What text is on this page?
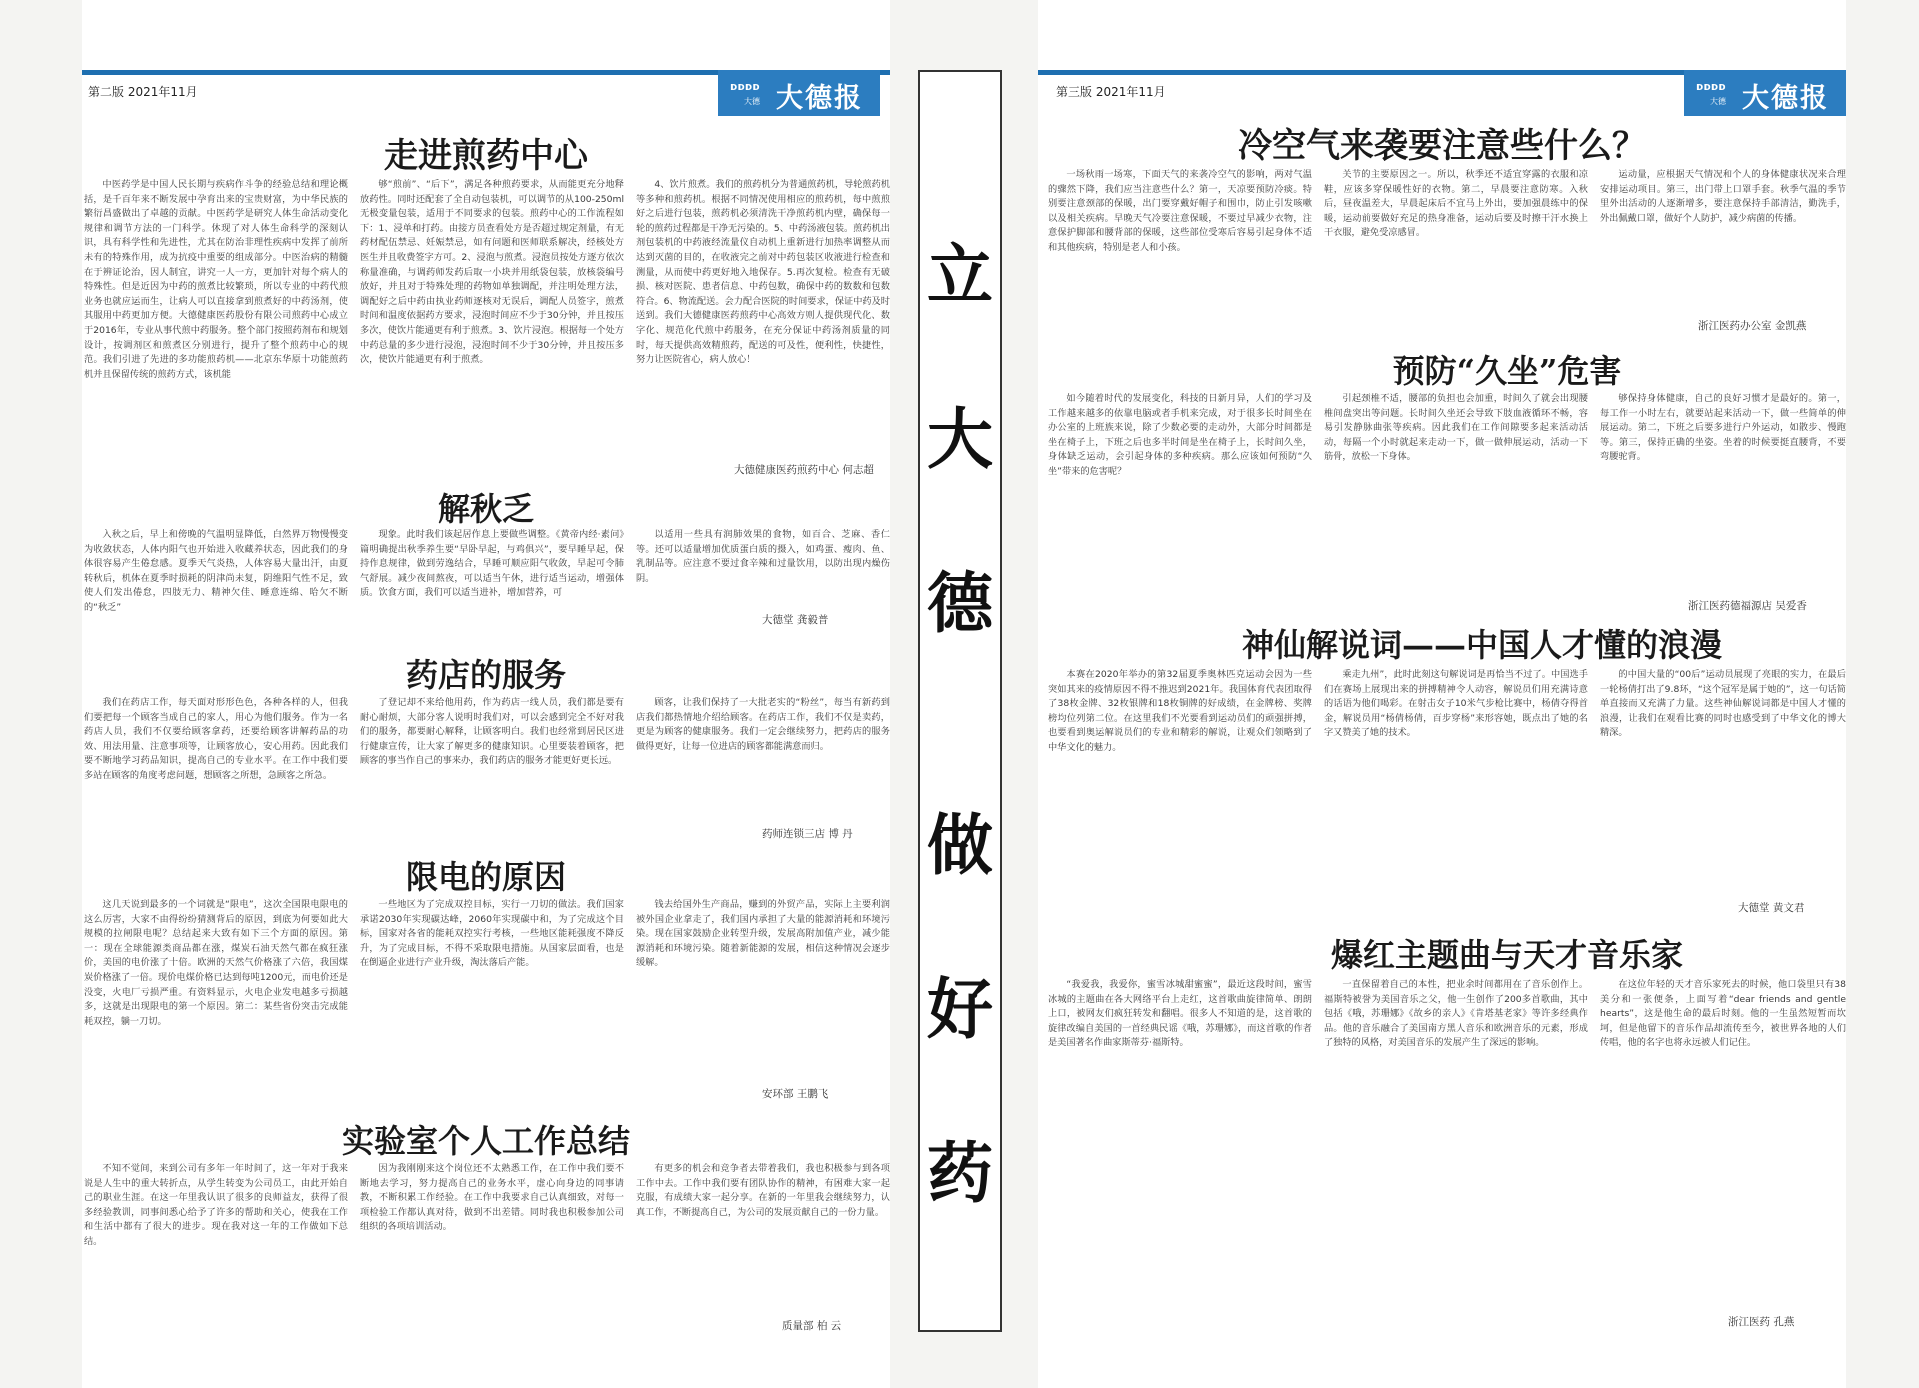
第二版 2021年11月	ᴅᴅᴅᴅ
大德 大德报
走进煎药中心

中医药学是中国人民长期与疾病作斗争的经验总结和理论概括，是千百年来不断发展中孕育出来的宝贵财富，为中华民族的繁衍昌盛做出了卓越的贡献。中医药学是研究人体生命活动变化规律和调节方法的一门科学。休现了对人体生命科学的深刻认识，具有科学性和先进性，尤其在防治非理性疾病中发挥了前所未有的特殊作用，成为抗疫中重要的组成部分。中医治病的精髓在于辨证论治，因人制宜，讲究一人一方，更加针对每个病人的特殊性。但是近因为中药的煎煮比较繁琐，所以专业的中药代煎业务也就应运而生，让病人可以直接拿到煎煮好的中药汤剂，使其服用中药更加方便。大德健康医药股份有限公司煎药中心成立于2016年，专业从事代煎中药服务。整个部门按照药剂布和规划设计，按调剂区和煎煮区分别进行，提升了整个煎药中心的规范。我们引进了先进的多功能煎药机——北京东华原十功能煎药机并且保留传统的煎药方式，该机能

够“煎前”、“后下”，满足各种煎药要求，从而能更充分地释放药性。同时还配套了全自动包装机，可以调节的从100-250ml无极变量包装，适用于不同要求的包装。煎药中心的工作流程如下：1、浸单和打药。由接方员查看处方是否超过规定剂量，有无药材配伍禁忌、妊娠禁忌，如有问题和医师联系解决，经核处方医生并且收费签字方可。2、浸泡与煎煮。浸泡员按处方逐方依次称量准确，与调药师发药后取一小块并用纸袋包装，放核袋编号放好，并且对于特殊处理的药物如单独调配，并注明处理方法，调配好之后中药由执业药师逐核对无误后，调配人员签字，煎煮时间和温度依据药方要求，浸泡时间应不少于30分钟，并且按压多次，使饮片能通更有利于煎煮。3、饮片浸泡。根据每一个处方中药总量的多少进行浸泡，浸泡时间不少于30分钟，并且按压多次，使饮片能通更有利于煎煮。

4、饮片煎煮。我们的煎药机分为普通煎药机，导轮煎药机等多种和煎药机。根据不同情况使用相应的煎药机，每中煎煎好之后进行包装，煎药机必须清洗干净煎药机内壁，确保每一轮的煎药过程都是干净无污染的。5、中药汤液包装。煎药机出剂包装机的中药液经流量仪自动机上重新进行加热率调整从而达到灭菌的目的，在收液完之前对中药包装区收液进行检查和测量，从而使中药更好地入地保存。5.再次复检。检查有无破损、核对医院、患者信息、中药包数，确保中药的数数和包数符合。6、物流配送。会力配合医院的时间要求，保证中药及时送到。我们大德健康医药煎药中心高效方则人提供现代化、数字化、规范化代煎中药服务，在充分保证中药汤剂质量的同时，每天提供高效精煎药，配送的可及性，便利性，快捷性，努力让医院省心，病人放心！

大德健康医药煎药中心 何志超
解秋乏

入秋之后，早上和傍晚的气温明显降低，白然界万物慢慢变为收敛状态，人体内阳气也开始进入收藏养状态，因此我们的身体很容易产生倦怠感。夏季天气炎热，人体容易大量出汗，由夏转秋后，机体在夏季时损耗的阴津尚未复，阴维阳气性不足，致使人们发出倦怠，四肢无力、精神欠佳、睡意连绵、哈欠不断的“秋乏”

现象。此时我们该起居作息上要做些调整。《黄帝内经·素问》篇明确提出秋季养生要“早卧早起，与鸡俱兴”，要早睡早起，保持作息规律，做到劳逸结合，早睡可顺应阳气收敛，早起可令肺气舒展。减少夜间熬夜，可以适当午休，进行适当运动，增强体质。饮食方面，我们可以适当进补，增加营养，可

以适用一些具有润肺效果的食物，如百合、芝麻、香仁等。还可以适量增加优质蛋白质的摄入，如鸡蛋、瘦肉、鱼、乳制品等。应注意不要过食辛辣和过量饮用，以防出现内燥伤阴。

大德堂 龚毅普
药店的服务

我们在药店工作，每天面对形形色色，各种各样的人，但我们要把每一个顾客当成自己的家人，用心为他们服务。作为一名药店人员，我们不仅要给顾客拿药，还要给顾客讲解药品的功效、用法用量、注意事项等，让顾客放心，安心用药。因此我们要不断地学习药品知识，提高自己的专业水平。在工作中我们要多站在顾客的角度考虑问题，想顾客之所想，急顾客之所急。

了登记却不来给他用药，作为药店一线人员，我们都是要有耐心耐烦，大部分客人说明时我们对，可以会感到完全不好对我们的服务，都要耐心解释，让顾客明白。我们也经常到居民区进行健康宣传，让大家了解更多的健康知识。心里要装着顾客，把顾客的事当作自己的事来办，我们药店的服务才能更好更长远。

顾客，让我们保持了一大批老实的“粉丝”，每当有新药到店我们都热情地介绍给顾客。在药店工作，我们不仅是卖药，更是为顾客的健康服务。我们一定会继续努力，把药店的服务做得更好，让每一位进店的顾客都能满意而归。

药师连锁三店 博 丹
限电的原因

这几天说到最多的一个词就是“限电”，这次全国限电限电的这么厉害，大家不由得纷纷猜测背后的原因，到底为何要如此大规模的拉闸限电呢？总结起来大致有如下三个方面的原因。第一：现在全球能源类商品都在涨，煤炭石油天然气都在疯狂涨价，美国的电价涨了十倍。欧洲的天然气价格涨了六倍，我国煤炭价格涨了一倍。现价电煤价格已达到每吨1200元，而电价还是没变，火电厂亏损严重。有资料显示，火电企业发电越多亏损越多，这就是出现限电的第一个原因。第二：某些省份突击完成能耗双控，躺一刀切。

一些地区为了完成双控目标，实行一刀切的做法。我们国家承诺2030年实现碳达峰，2060年实现碳中和，为了完成这个目标，国家对各省的能耗双控实行考核，一些地区能耗强度不降反升，为了完成目标，不得不采取限电措施。从国家层面看，也是在倒逼企业进行产业升级，淘汰落后产能。

钱去给国外生产商品，赚到的外贸产品，实际上主要利润被外国企业拿走了，我们国内承担了大量的能源消耗和环境污染。现在国家鼓励企业转型升级，发展高附加值产业，减少能源消耗和环境污染。随着新能源的发展，相信这种情况会逐步缓解。

安环部 王鹏飞
实验室个人工作总结

不知不觉间，来到公司有多年一年时间了，这一年对于我来说是人生中的重大转折点，从学生转变为公司员工，由此开始自己的职业生涯。在这一年里我认识了很多的良师益友，获得了很多经验教训，同事间悉心给予了许多的帮助和关心，使我在工作和生活中都有了很大的进步。现在我对这一年的工作做如下总结。

因为我刚刚来这个岗位还不太熟悉工作，在工作中我们要不断地去学习，努力提高自己的业务水平，虚心向身边的同事请教，不断积累工作经验。在工作中我要求自己认真细致，对每一项检验工作都认真对待，做到不出差错。同时我也积极参加公司组织的各项培训活动。

有更多的机会和竞争者去带着我们，我也积极参与到各项工作中去。工作中我们要有团队协作的精神，有困难大家一起克服，有成绩大家一起分享。在新的一年里我会继续努力，认真工作，不断提高自己，为公司的发展贡献自己的一份力量。

质量部 柏 云
立
大
德
做
好
药
第三版 2021年11月	ᴅᴅᴅᴅ
大德 大德报
冷空气来袭要注意些什么？

一场秋雨一场寒，下面天气的来袭冷空气的影响，两对气温的骤然下降，我们应当注意些什么？第一，天凉要预防冷痰。特别要注意颈部的保暖，出门要穿戴好帽子和围巾，防止引发咳嗽以及相关疾病。早晚天气冷要注意保暖，不要过早减少衣物，注意保护脚部和腰背部的保暖，这些部位受寒后容易引起身体不适和其他疾病，特别是老人和小孩。

关节的主要原因之一。所以，秋季还不适宜穿露的衣服和凉鞋，应该多穿保暖性好的衣物。第二，早晨要注意防寒。入秋后，昼夜温差大，早晨起床后不宜马上外出，要加强晨练中的保暖，运动前要做好充足的热身准备，运动后要及时擦干汗水换上干衣服，避免受凉感冒。

运动量，应根据天气情况和个人的身体健康状况来合理安排运动项目。第三，出门带上口罩手套。秋季气温的季节里外出活动的人逐渐增多，要注意保持手部清洁，勤洗手，外出佩戴口罩，做好个人防护，减少病菌的传播。

浙江医药办公室 金凯燕
预防“久坐”危害

如今随着时代的发展变化，科技的日新月异，人们的学习及工作越来越多的依靠电脑或者手机来完成，对于很多长时间坐在办公室的上班族来说，除了少数必要的走动外，大部分时间都是坐在椅子上，下班之后也多半时间是坐在椅子上，长时间久坐，身体缺乏运动，会引起身体的多种疾病。那么应该如何预防“久坐”带来的危害呢？

引起颈椎不适，腰部的负担也会加重，时间久了就会出现腰椎间盘突出等问题。长时间久坐还会导致下肢血液循环不畅，容易引发静脉曲张等疾病。因此我们在工作间隙要多起来活动活动，每隔一个小时就起来走动一下，做一做伸展运动，活动一下筋骨，放松一下身体。

够保持身体健康，自己的良好习惯才是最好的。第一，每工作一小时左右，就要站起来活动一下，做一些简单的伸展运动。第二，下班之后要多进行户外运动，如散步、慢跑等。第三，保持正确的坐姿。坐着的时候要挺直腰背，不要弯腰驼背。

浙江医药德福源店 吴爱香
神仙解说词——中国人才懂的浪漫

本赛在2020年举办的第32届夏季奥林匹克运动会因为一些突如其来的疫情原因不得不推迟到2021年。我国体育代表团取得了38枚金牌、32枚银牌和18枚铜牌的好成绩，在金牌榜、奖牌榜均位列第二位。在这里我们不光要看到运动员们的顽强拼搏，也要看到奥运解说员们的专业和精彩的解说，让观众们领略到了中华文化的魅力。

乘走九州”，此时此刻这句解说词是再恰当不过了。中国选手们在赛场上展现出来的拼搏精神令人动容，解说员们用充满诗意的话语为他们喝彩。在射击女子10米气步枪比赛中，杨倩夺得首金，解说员用“杨倩杨倩，百步穿杨”来形容她，既点出了她的名字又赞美了她的技术。

的中国大量的“00后”运动员展现了亮眼的实力，在最后一轮杨倩打出了9.8环，“这个冠军是属于她的”，这一句话简单直接而又充满了力量。这些神仙解说词都是中国人才懂的浪漫，让我们在观看比赛的同时也感受到了中华文化的博大精深。

大德堂 黄文君
爆红主题曲与天才音乐家

“我爱我，我爱你，蜜雪冰城甜蜜蜜”，最近这段时间，蜜雪冰城的主题曲在各大网络平台上走红，这首歌曲旋律简单、朗朗上口，被网友们疯狂转发和翻唱。很多人不知道的是，这首歌的旋律改编自美国的一首经典民谣《哦，苏珊娜》，而这首歌的作者是美国著名作曲家斯蒂芬·福斯特。

一直保留着自己的本性，把业余时间都用在了音乐创作上。福斯特被誉为美国音乐之父，他一生创作了200多首歌曲，其中包括《哦，苏珊娜》《故乡的亲人》《肯塔基老家》等许多经典作品。他的音乐融合了美国南方黑人音乐和欧洲音乐的元素，形成了独特的风格，对美国音乐的发展产生了深远的影响。

在这位年轻的天才音乐家死去的时候，他口袋里只有38美分和一张便条，上面写着“dear friends and gentle hearts”，这是他生命的最后时刻。他的一生虽然短暂而坎坷，但是他留下的音乐作品却流传至今，被世界各地的人们传唱，他的名字也将永远被人们记住。

浙江医药 孔燕
